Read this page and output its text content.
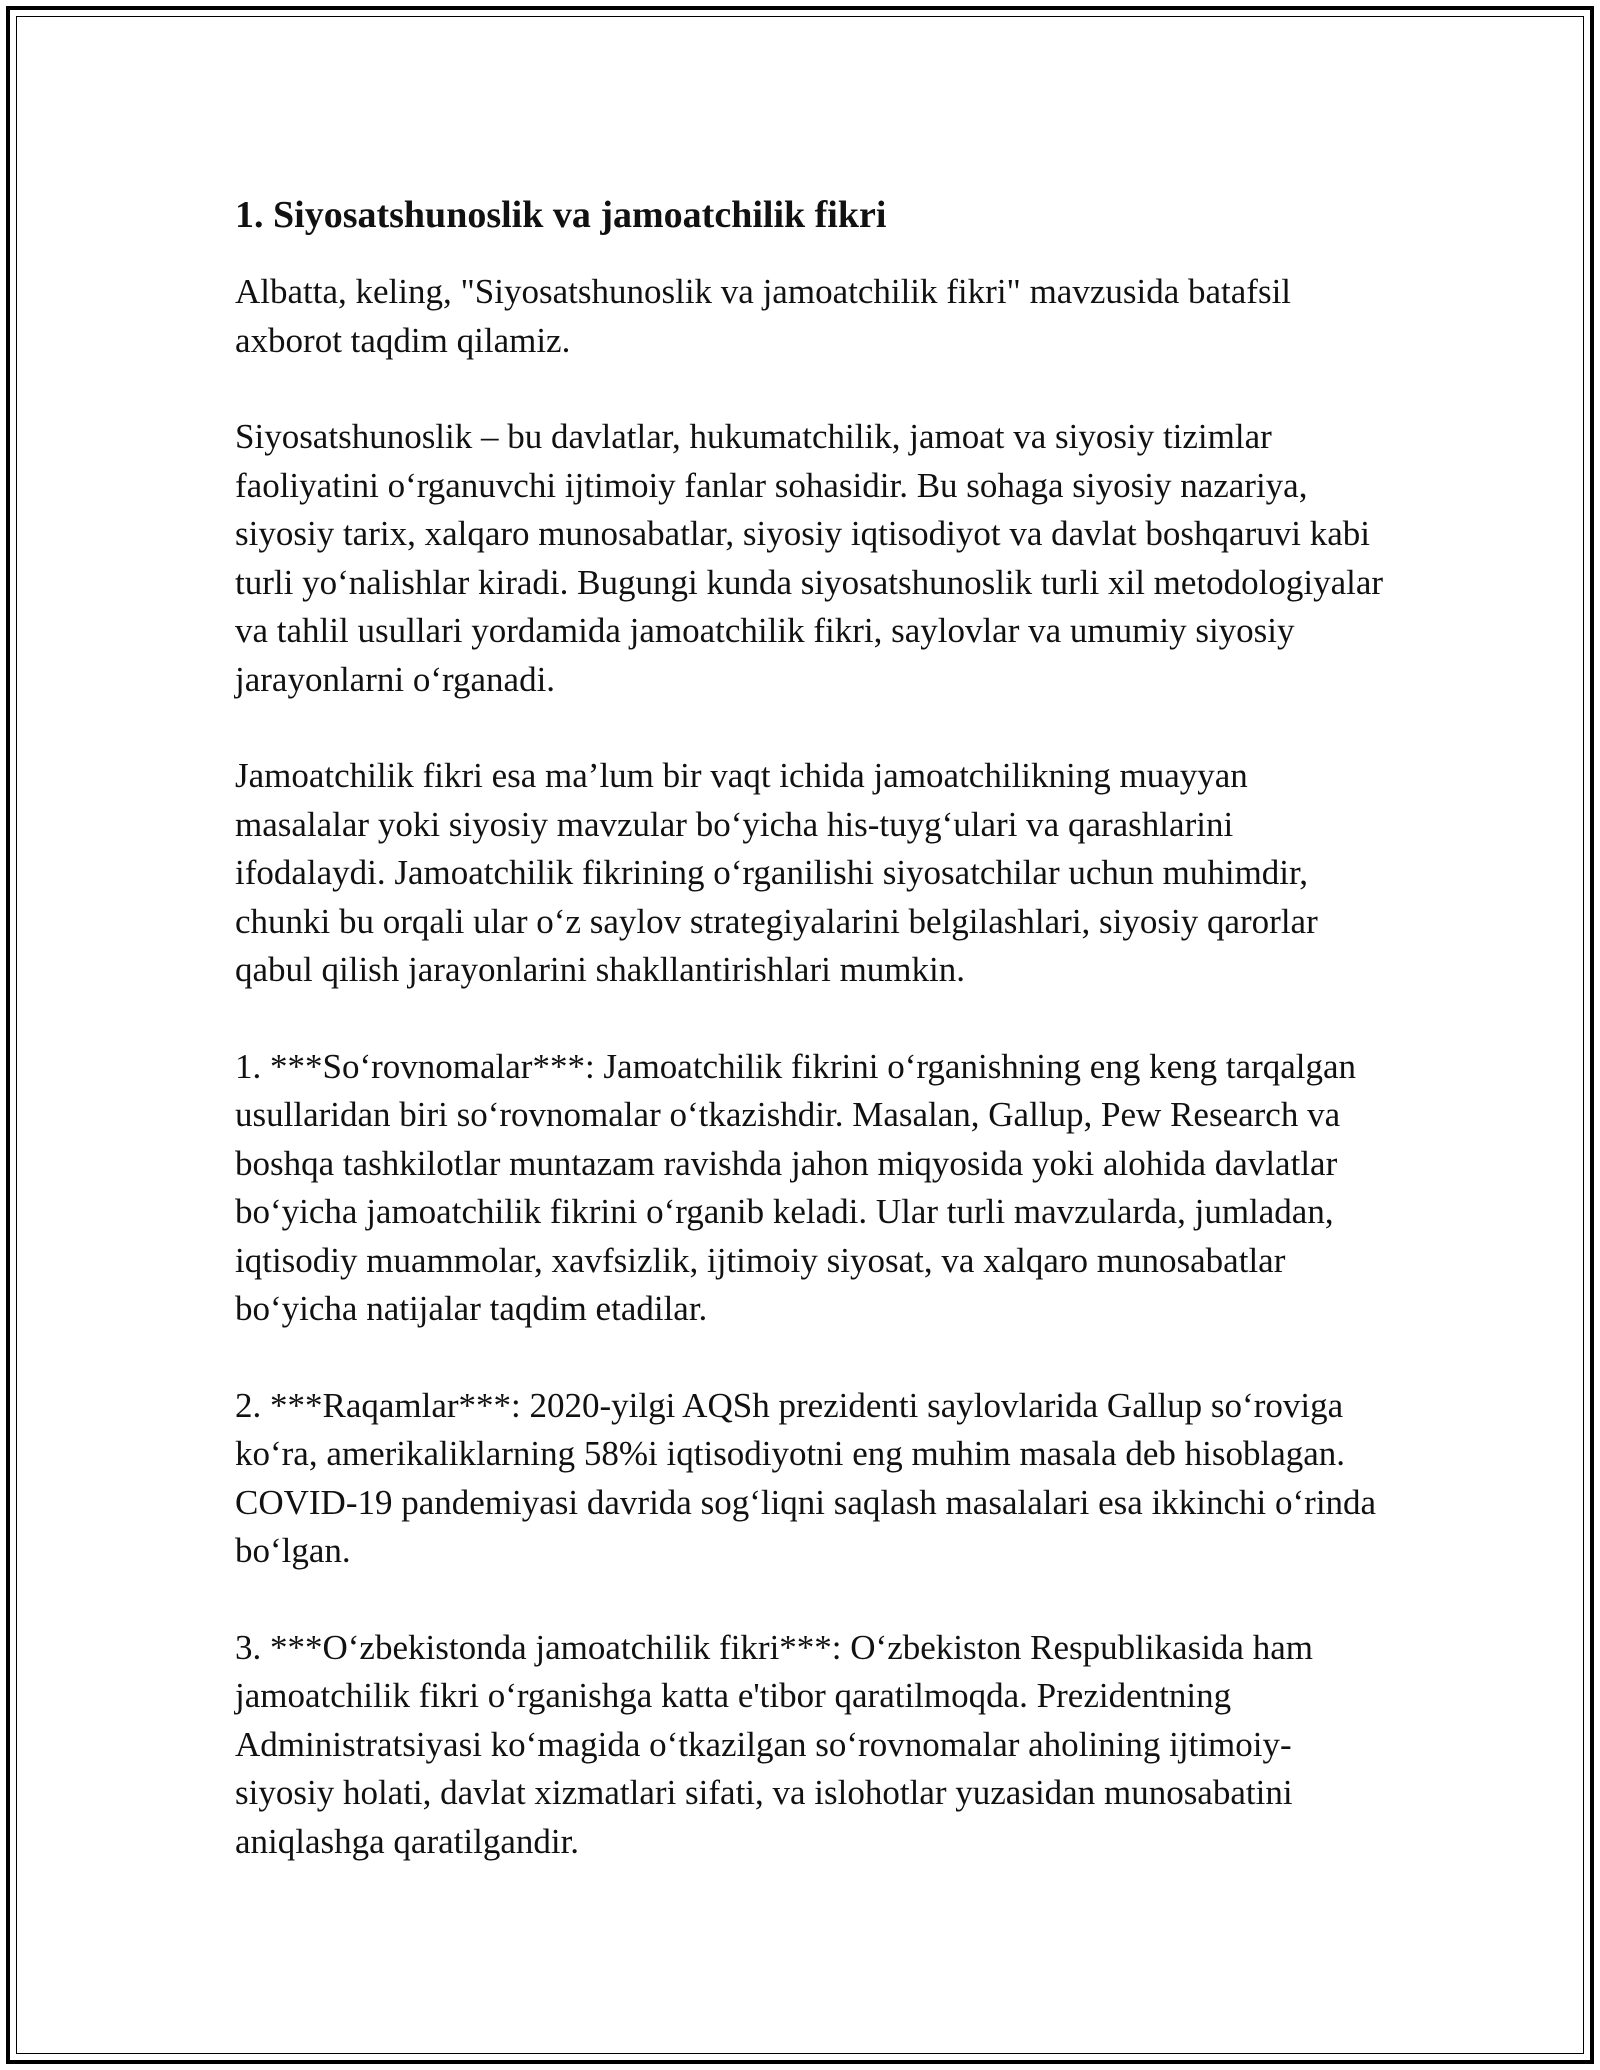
1. Siyosatshunoslik va jamoatchilik fikri

Albatta, keling, "Siyosatshunoslik va jamoatchilik fikri" mavzusida batafsil axborot taqdim qilamiz.

Siyosatshunoslik – bu davlatlar, hukumatchilik, jamoat va siyosiy tizimlar faoliyatini o‘rganuvchi ijtimoiy fanlar sohasidir. Bu sohaga siyosiy nazariya, siyosiy tarix, xalqaro munosabatlar, siyosiy iqtisodiyot va davlat boshqaruvi kabi turli yo‘nalishlar kiradi. Bugungi kunda siyosatshunoslik turli xil metodologiyalar va tahlil usullari yordamida jamoatchilik fikri, saylovlar va umumiy siyosiy jarayonlarni o‘rganadi.

Jamoatchilik fikri esa ma’lum bir vaqt ichida jamoatchilikning muayyan masalalar yoki siyosiy mavzular bo‘yicha his-tuyg‘ulari va qarashlarini ifodalaydi. Jamoatchilik fikrining o‘rganilishi siyosatchilar uchun muhimdir, chunki bu orqali ular o‘z saylov strategiyalarini belgilashlari, siyosiy qarorlar qabul qilish jarayonlarini shakllantirishlari mumkin.

1. ***So‘rovnomalar***: Jamoatchilik fikrini o‘rganishning eng keng tarqalgan usullaridan biri so‘rovnomalar o‘tkazishdir. Masalan, Gallup, Pew Research va boshqa tashkilotlar muntazam ravishda jahon miqyosida yoki alohida davlatlar bo‘yicha jamoatchilik fikrini o‘rganib keladi. Ular turli mavzularda, jumladan, iqtisodiy muammolar, xavfsizlik, ijtimoiy siyosat, va xalqaro munosabatlar bo‘yicha natijalar taqdim etadilar.

2. ***Raqamlar***: 2020-yilgi AQSh prezidenti saylovlarida Gallup so‘roviga ko‘ra, amerikaliklarning 58%i iqtisodiyotni eng muhim masala deb hisoblagan. COVID-19 pandemiyasi davrida sog‘liqni saqlash masalalari esa ikkinchi o‘rinda bo‘lgan.

3. ***O‘zbekistonda jamoatchilik fikri***: O‘zbekiston Respublikasida ham jamoatchilik fikri o‘rganishga katta e'tibor qaratilmoqda. Prezidentning Administratsiyasi ko‘magida o‘tkazilgan so‘rovnomalar aholining ijtimoiy-siyosiy holati, davlat xizmatlari sifati, va islohotlar yuzasidan munosabatini aniqlashga qaratilgandir.
